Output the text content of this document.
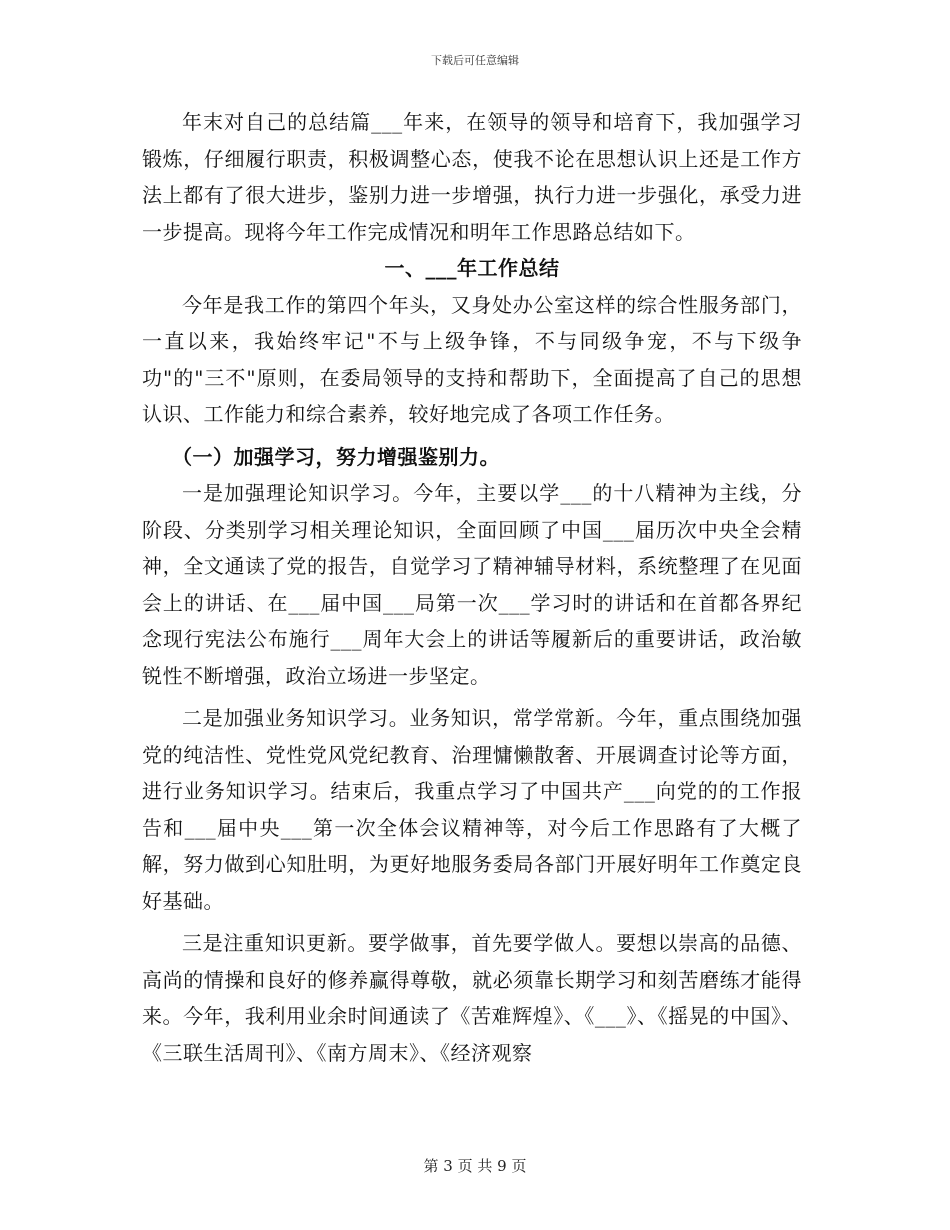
下载后可任意编辑

年末对自己的总结篇___年来，在领导的领导和培育下，我加强学习锻炼，仔细履行职责，积极调整心态，使我不论在思想认识上还是工作方法上都有了很大进步，鉴别力进一步增强，执行力进一步强化，承受力进一步提高。现将今年工作完成情况和明年工作思路总结如下。

一、___年工作总结

今年是我工作的第四个年头，又身处办公室这样的综合性服务部门，一直以来，我始终牢记"不与上级争锋，不与同级争宠，不与下级争功"的"三不"原则，在委局领导的支持和帮助下，全面提高了自己的思想认识、工作能力和综合素养，较好地完成了各项工作任务。

（一）加强学习，努力增强鉴别力。

一是加强理论知识学习。今年，主要以学___的十八精神为主线，分阶段、分类别学习相关理论知识，全面回顾了中国___届历次中央全会精神，全文通读了党的报告，自觉学习了精神辅导材料，系统整理了在见面会上的讲话、在___届中国___局第一次___学习时的讲话和在首都各界纪念现行宪法公布施行___周年大会上的讲话等履新后的重要讲话，政治敏锐性不断增强，政治立场进一步坚定。

二是加强业务知识学习。业务知识，常学常新。今年，重点围绕加强党的纯洁性、党性党风党纪教育、治理慵懒散奢、开展调查讨论等方面，进行业务知识学习。结束后，我重点学习了中国共产___向党的的工作报告和___届中央___第一次全体会议精神等，对今后工作思路有了大概了解，努力做到心知肚明，为更好地服务委局各部门开展好明年工作奠定良好基础。

三是注重知识更新。要学做事，首先要学做人。要想以崇高的品德、高尚的情操和良好的修养赢得尊敬，就必须靠长期学习和刻苦磨练才能得来。今年，我利用业余时间通读了《苦难辉煌》、《___》、《摇晃的中国》、《三联生活周刊》、《南方周末》、《经济观察

第 3 页 共 9 页
